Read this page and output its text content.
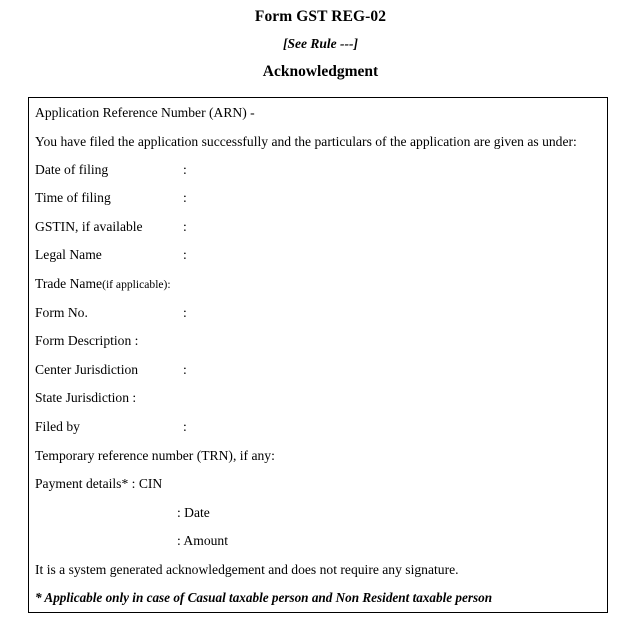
Form GST REG-02
[See Rule ---]
Acknowledgment
Application Reference Number (ARN) -
You have filed the application successfully and the particulars of the application are given as under:
Date of filing	:
Time of filing	:
GSTIN, if available	:
Legal Name	:
Trade Name(if applicable):
Form No.	:
Form Description :
Center Jurisdiction	:
State Jurisdiction :
Filed by	:
Temporary reference number (TRN), if any:
Payment details* : CIN
: Date
: Amount
It is a system generated acknowledgement and does not require any signature.
* Applicable only in case of Casual taxable person and Non Resident taxable person
